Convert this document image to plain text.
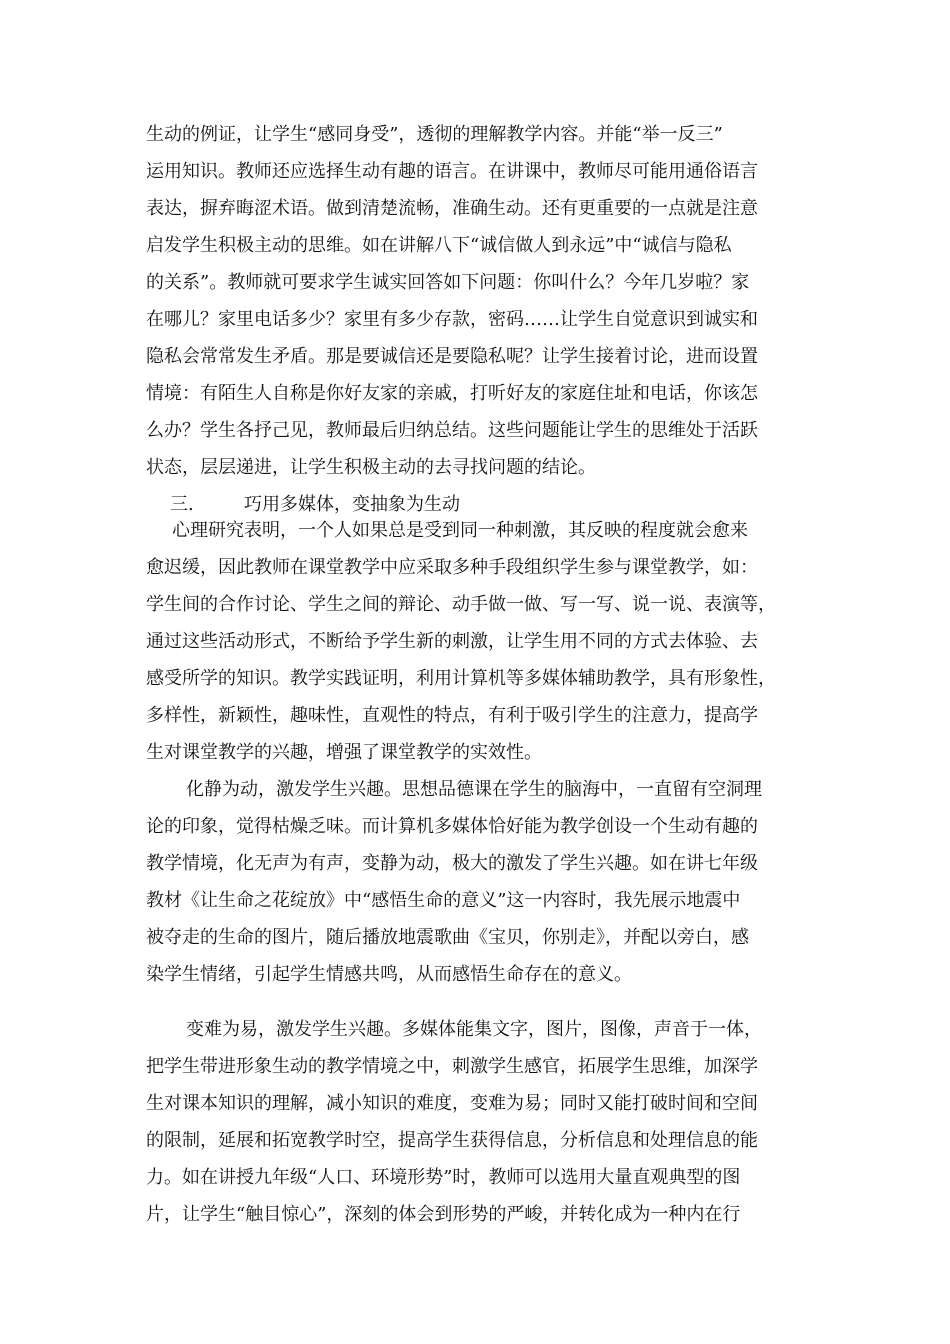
生动的例证，让学生“感同身受”，透彻的理解教学内容。并能“举一反三”
运用知识。教师还应选择生动有趣的语言。在讲课中，教师尽可能用通俗语言
表达，摒弃晦涩术语。做到清楚流畅，准确生动。还有更重要的一点就是注意
启发学生积极主动的思维。如在讲解八下“诚信做人到永远”中“诚信与隐私
的关系”。教师就可要求学生诚实回答如下问题：你叫什么？今年几岁啦？家
在哪儿？家里电话多少？家里有多少存款，密码……让学生自觉意识到诚实和
隐私会常常发生矛盾。那是要诚信还是要隐私呢？让学生接着讨论，进而设置
情境：有陌生人自称是你好友家的亲戚，打听好友的家庭住址和电话，你该怎
么办？学生各抒己见，教师最后归纳总结。这些问题能让学生的思维处于活跃
状态，层层递进，让学生积极主动的去寻找问题的结论。
三.	巧用多媒体，变抽象为生动
心理研究表明，一个人如果总是受到同一种刺激，其反映的程度就会愈来
愈迟缓，因此教师在课堂教学中应采取多种手段组织学生参与课堂教学，如：
学生间的合作讨论、学生之间的辩论、动手做一做、写一写、说一说、表演等，
通过这些活动形式，不断给予学生新的刺激，让学生用不同的方式去体验、去
感受所学的知识。教学实践证明，利用计算机等多媒体辅助教学，具有形象性，
多样性，新颖性，趣味性，直观性的特点，有利于吸引学生的注意力，提高学
生对课堂教学的兴趣，增强了课堂教学的实效性。
化静为动，激发学生兴趣。思想品德课在学生的脑海中，一直留有空洞理
论的印象，觉得枯燥乏味。而计算机多媒体恰好能为教学创设一个生动有趣的
教学情境，化无声为有声，变静为动，极大的激发了学生兴趣。如在讲七年级
教材《让生命之花绽放》中“感悟生命的意义”这一内容时，我先展示地震中
被夺走的生命的图片，随后播放地震歌曲《宝贝，你别走》，并配以旁白，感
染学生情绪，引起学生情感共鸣，从而感悟生命存在的意义。
变难为易，激发学生兴趣。多媒体能集文字，图片，图像，声音于一体，
把学生带进形象生动的教学情境之中，刺激学生感官，拓展学生思维，加深学
生对课本知识的理解，减小知识的难度，变难为易；同时又能打破时间和空间
的限制，延展和拓宽教学时空，提高学生获得信息，分析信息和处理信息的能
力。如在讲授九年级“人口、环境形势”时，教师可以选用大量直观典型的图
片，让学生“触目惊心”，深刻的体会到形势的严峻，并转化成为一种内在行
